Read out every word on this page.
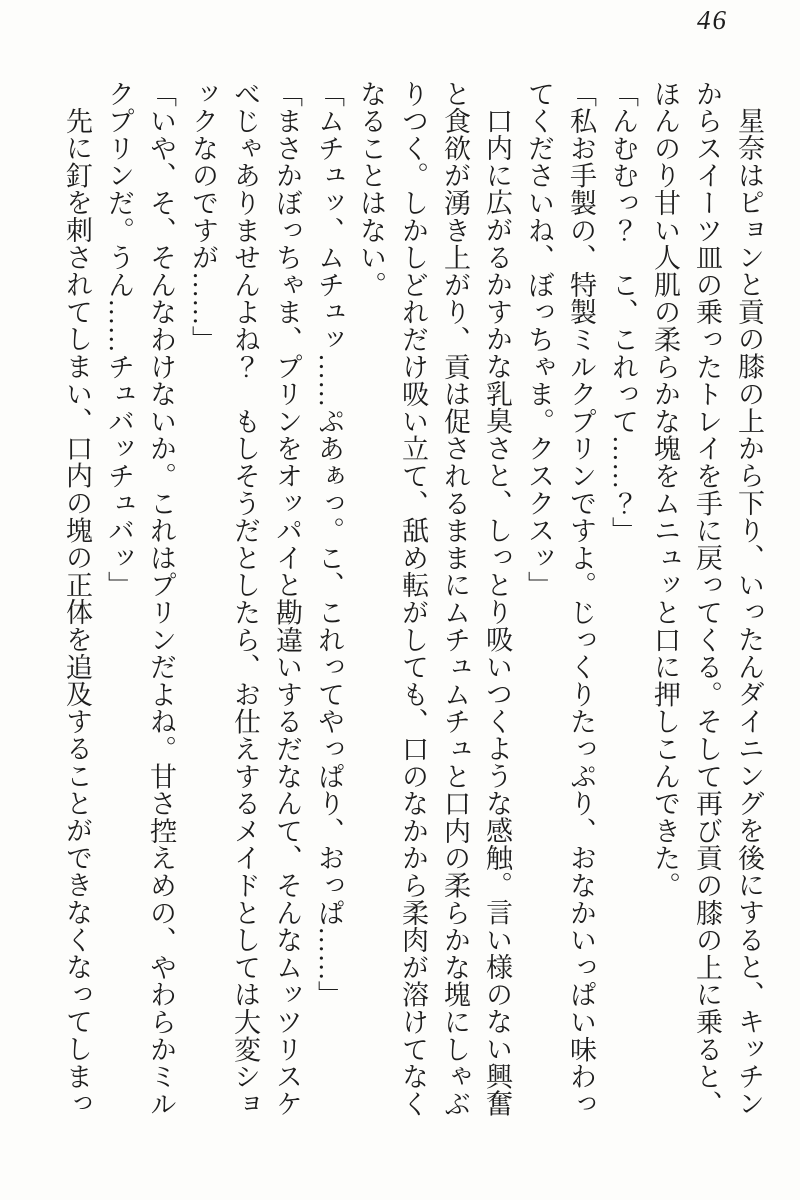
46

星奈はピョンと貢の膝の上から下り、いったんダイニングを後にすると、キッチン

からスイーツ皿の乗ったトレイを手に戻ってくる。そして再び貢の膝の上に乗ると、

ほんのり甘い人肌の柔らかな塊をムニュッと口に押しこんできた。

「んむむっ？　こ、これって……？」

「私お手製の、特製ミルクプリンですよ。じっくりたっぷり、おなかいっぱい味わっ

てくださいね、ぼっちゃま。クスクスッ」

口内に広がるかすかな乳臭さと、しっとり吸いつくような感触。言い様のない興奮

と食欲が湧き上がり、貢は促されるままにムチュムチュと口内の柔らかな塊にしゃぶ

りつく。しかしどれだけ吸い立て、舐め転がしても、口のなかから柔肉が溶けてなく

なることはない。

「ムチュッ、ムチュッ……ぷあぁっ。こ、これってやっぱり、おっぱ……」

「まさかぼっちゃま、プリンをオッパイと勘違いするだなんて、そんなムッツリスケ

べじゃありませんよね？　もしそうだとしたら、お仕えするメイドとしては大変ショ

ックなのですが……」

「いや、そ、そんなわけないか。これはプリンだよね。甘さ控えめの、やわらかミル

クプリンだ。うん……チュバッチュバッ」

先に釘を刺されてしまい、口内の塊の正体を追及することができなくなってしまっ
